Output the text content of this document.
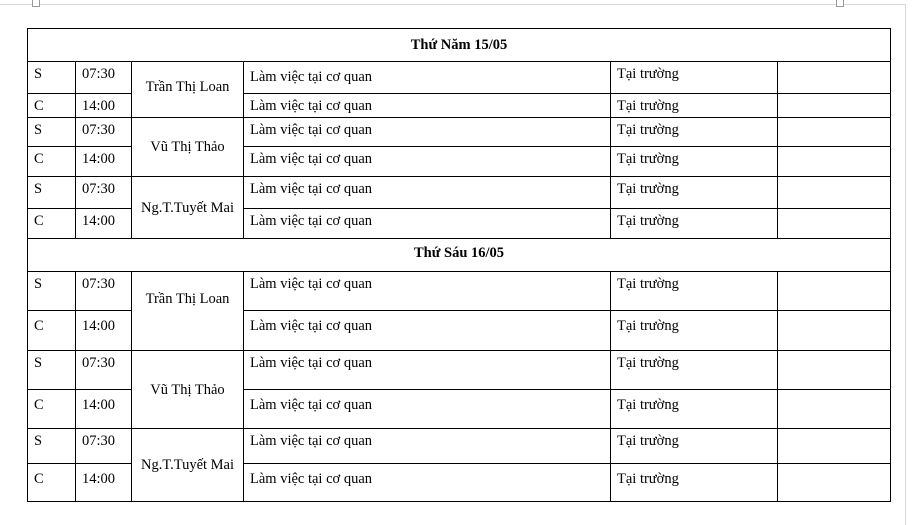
Thứ Năm 15/05					

S	07:30	Trần Thị Loan	Làm việc tại cơ quan	Tại trường	

C	14:00		Làm việc tại cơ quan	Tại trường	

S	07:30	Vũ Thị Thảo	Làm việc tại cơ quan	Tại trường	

C	14:00		Làm việc tại cơ quan	Tại trường	

S	07:30	Ng.T.Tuyết Mai	Làm việc tại cơ quan	Tại trường	

C	14:00		Làm việc tại cơ quan	Tại trường	

Thứ Sáu 16/05					

S	07:30	Trần Thị Loan	Làm việc tại cơ quan	Tại trường	

C	14:00		Làm việc tại cơ quan	Tại trường	

S	07:30	Vũ Thị Thảo	Làm việc tại cơ quan	Tại trường	

C	14:00		Làm việc tại cơ quan	Tại trường	

S	07:30	Ng.T.Tuyết Mai	Làm việc tại cơ quan	Tại trường	

C	14:00		Làm việc tại cơ quan	Tại trường	
